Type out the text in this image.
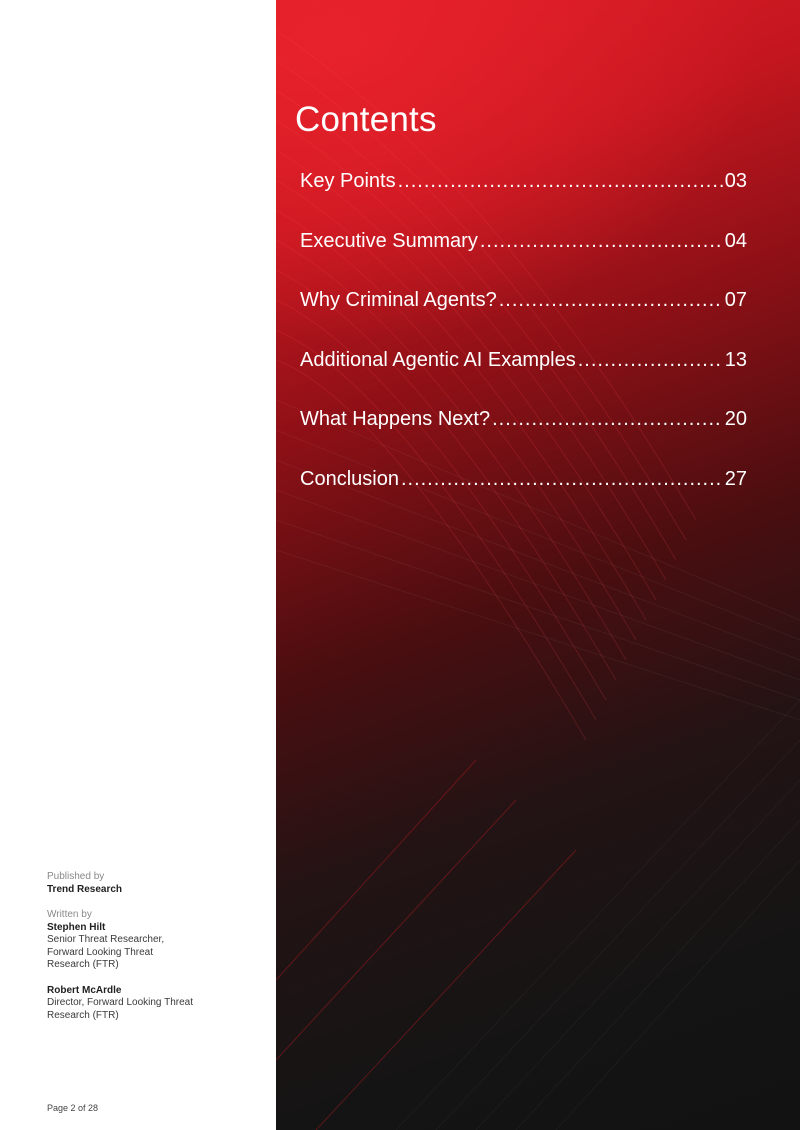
Published by
Trend Research
Written by
Stephen Hilt
Senior Threat Researcher,
Forward Looking Threat
Research (FTR)
Robert McArdle
Director, Forward Looking Threat
Research (FTR)
Page 2 of 28
Contents
Key Points .....	03
Executive Summary .....	04
Why Criminal Agents? .....	07
Additional Agentic AI Examples .....	13
What Happens Next? .....	20
Conclusion .....	27
